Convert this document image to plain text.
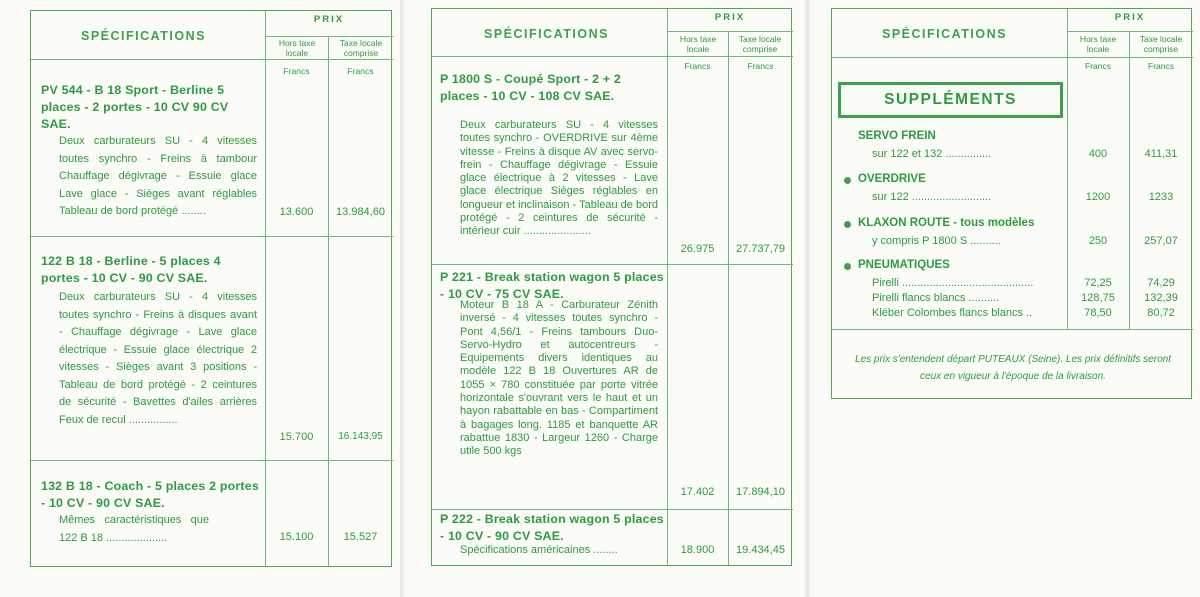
SPÉCIFICATIONS
PRIX
Hors taxe locale
Taxe locale comprise
Francs	Francs
PV 544 - B 18 Sport - Berline 5 places - 2 portes - 10 CV 90 CV SAE.
Deux carburateurs SU - 4 vitesses toutes synchro - Freins à tambour Chauffage dégivrage - Essuie glace Lave glace - Sièges avant réglables Tableau de bord protégé ........	13.600	13.984,60
122 B 18 - Berline - 5 places 4 portes - 10 CV - 90 CV SAE.
Deux carburateurs SU - 4 vitesses toutes synchro - Freins à disques avant - Chauffage dégivrage - Lave glace électrique - Essuie glace électrique 2 vitesses - Sièges avant 3 positions - Tableau de bord protégé - 2 ceintures de sécurité - Bavettes d'ailes arrières Feux de recul ................
15.700	16.143,95
132 B 18 - Coach - 5 places 2 portes - 10 CV - 90 CV SAE.
Mêmes caractéristiques que 122 B 18 ....................	15.100	15.527
SPÉCIFICATIONS
PRIX
Hors taxe locale
Taxe locale comprise
Francs	Francs
P 1800 S - Coupé Sport - 2 + 2 places - 10 CV - 108 CV SAE.
Deux carburateurs SU - 4 vitesses toutes synchro - OVERDRIVE sur 4ème vitesse - Freins à disque AV avec servo-frein - Chauffage dégivrage - Essuie glace électrique à 2 vitesses - Lave glace électrique Sièges réglables en longueur et inclinaison - Tableau de bord protégé - 2 ceintures de sécurité - intérieur cuir ......................
26.975	27.737,79
P 221 - Break station wagon 5 places - 10 CV - 75 CV SAE.
Moteur B 18 A - Carburateur Zénith inversé - 4 vitesses toutes synchro - Pont 4,56/1 - Freins tambours Duo-Servo-Hydro et autocentreurs - Equipements divers identiques au modèle 122 B 18 Ouvertures AR de 1055 × 780 constituée par porte vitrée horizontale s'ouvrant vers le haut et un hayon rabattable en bas - Compartiment à bagages long. 1185 et banquette AR rabattue 1830 - Largeur 1260 - Charge utile 500 kgs
17.402	17.894,10
P 222 - Break station wagon 5 places - 10 CV - 90 CV SAE.
Spécifications américaines ........	18.900	19.434,45
SPÉCIFICATIONS
PRIX
Hors taxe locale
Taxe locale comprise
Francs	Francs
SUPPLÉMENTS
SERVO FREIN
sur 122 et 132 ...............	400	411,31
OVERDRIVE
sur 122 ..........................	1200	1233
KLAXON ROUTE - tous modèles
y compris P 1800 S ..........	250	257,07
PNEUMATIQUES
Pirelli ...........................................	72,25	74,29
Pirelli flancs blancs ..........	128,75	132,39
Kléber Colombes flancs blancs ..	78,50	80,72
Les prix s'entendent départ PUTEAUX (Seine). Les prix définitifs seront ceux en vigueur à l'époque de la livraison.
